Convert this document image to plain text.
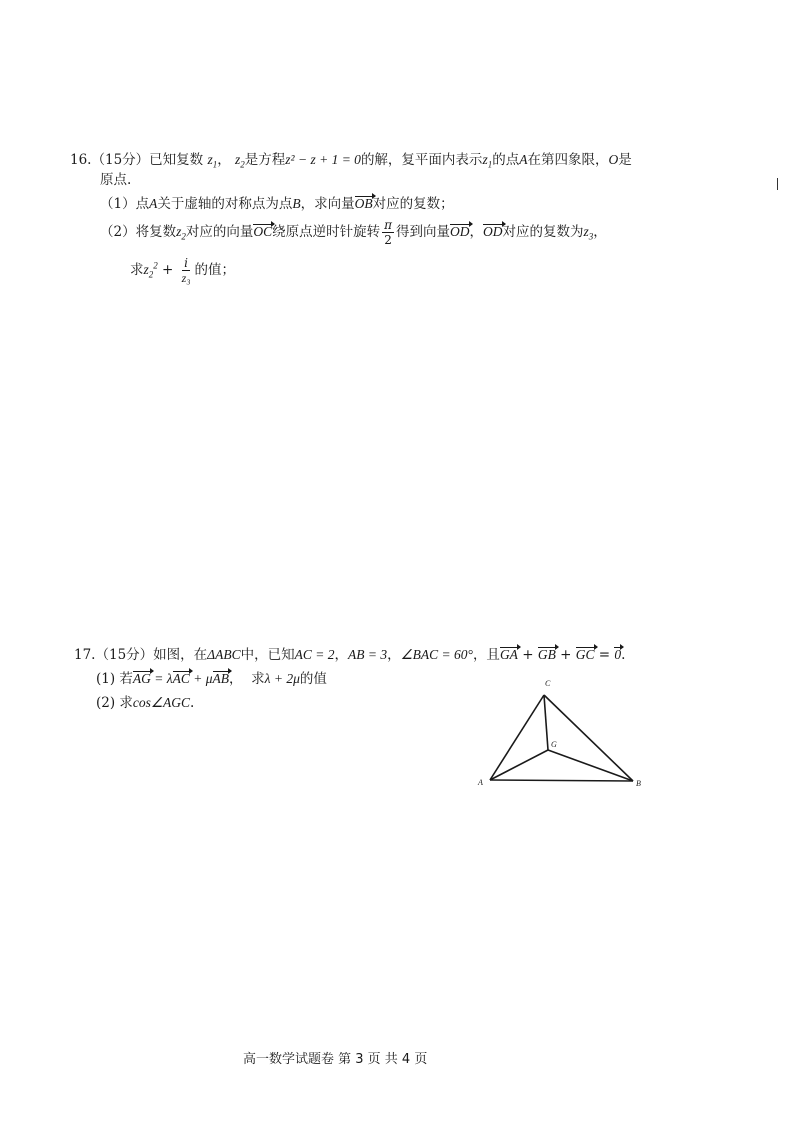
16.（15分）已知复数 $z_1$， $z_2$是方程z² − z + 1 = 0的解，复平面内表示$z_1$的点A在第四象限，O是
原点.
（1）点A关于虚轴的对称点为点B，求向量OB对应的复数；
（2）将复数$z_2$对应的向量OC绕原点逆时针旋转 $\frac{\pi}{2}$ 得到向量OD，OD对应的复数为$z_3$，
求$z_2^2 + \frac{i}{\text{z₃}}$ 的值；
17.（15分）如图，在ΔABC中，已知AC = 2，AB = 3，∠BAC = 60°，且GA + GB + GC = 0.
(1) 若AG = λAC + μAB， 求λ + 2μ的值
(2) 求cos∠AGC.
C
G
A	B
高一数学试题卷 第 3 页 共 4 页
